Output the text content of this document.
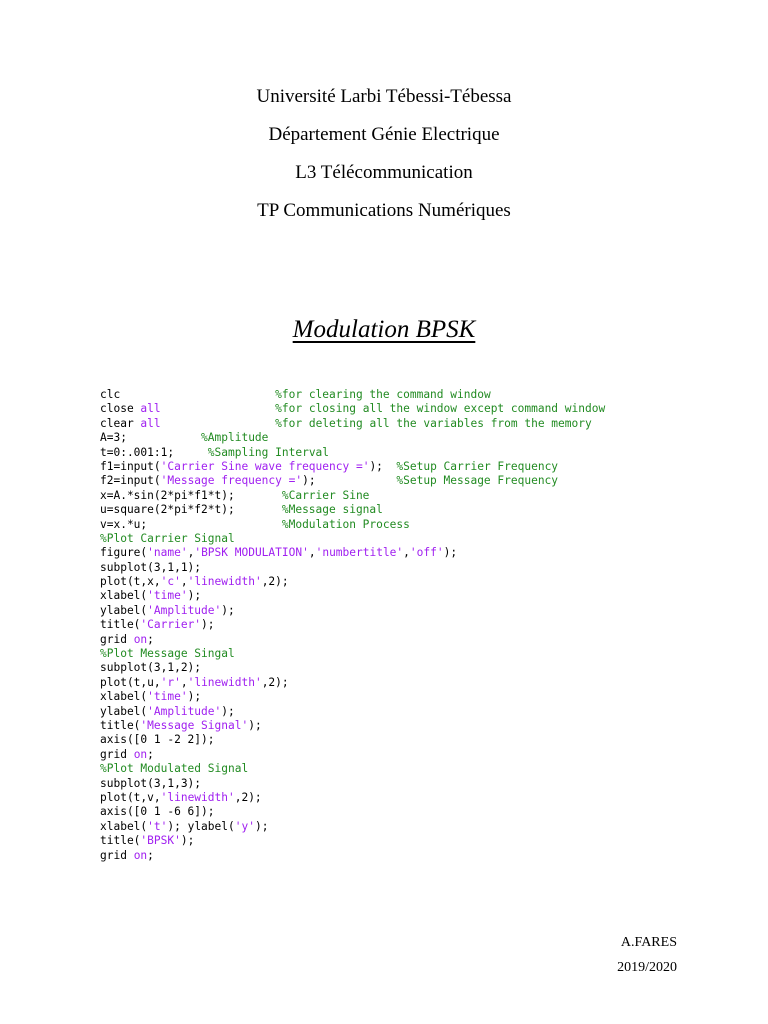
Université Larbi Tébessi-Tébessa
Département Génie Electrique
L3 Télécommunication
TP Communications Numériques
Modulation BPSK
clc	%for clearing the command window
close all	%for closing all the window except command window
clear all	%for deleting all the variables from the memory
A=3;           %Amplitude
t=0:.001:1;     %Sampling Interval
f1=input('Carrier Sine wave frequency =');  %Setup Carrier Frequency
f2=input('Message frequency =');            %Setup Message Frequency
x=A.*sin(2*pi*f1*t);       %Carrier Sine
u=square(2*pi*f2*t);       %Message signal
v=x.*u;                    %Modulation Process
%Plot Carrier Signal
figure('name','BPSK MODULATION','numbertitle','off');
subplot(3,1,1);
plot(t,x,'c','linewidth',2);
xlabel('time');
ylabel('Amplitude');
title('Carrier');
grid on;
%Plot Message Singal
subplot(3,1,2);
plot(t,u,'r','linewidth',2);
xlabel('time');
ylabel('Amplitude');
title('Message Signal');
axis([0 1 -2 2]);
grid on;
%Plot Modulated Signal
subplot(3,1,3);
plot(t,v,'linewidth',2);
axis([0 1 -6 6]);
xlabel('t'); ylabel('y');
title('BPSK');
grid on;
A.FARES
2019/2020
